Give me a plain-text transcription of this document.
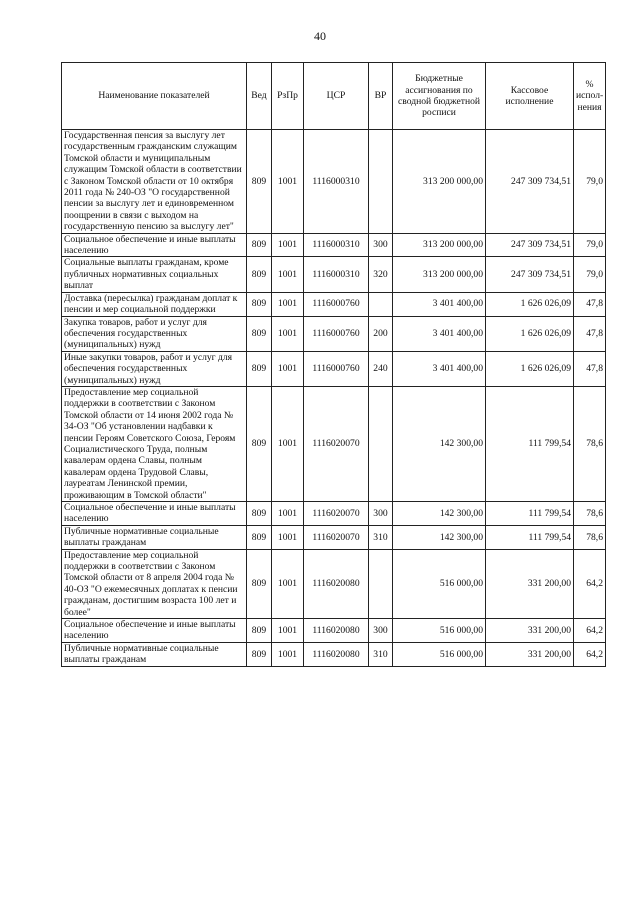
40
Наименование показателей	Вед	РзПр	ЦСР	ВР	Бюджетные ассигнования по сводной бюджетной росписи	Кассовое исполнение	% испол-нения
Государственная пенсия за выслугу лет государственным гражданским служащим Томской области и муниципальным служащим Томской области в соответствии с Законом Томской области от 10 октября 2011 года № 240-ОЗ "О государственной пенсии за выслугу лет и единовременном поощрении в связи с выходом на государственную пенсию за выслугу лет"	809	1001	1116000310		313 200 000,00	247 309 734,51	79,0
Социальное обеспечение и иные выплаты населению	809	1001	1116000310	300	313 200 000,00	247 309 734,51	79,0
Социальные выплаты гражданам, кроме публичных нормативных социальных выплат	809	1001	1116000310	320	313 200 000,00	247 309 734,51	79,0
Доставка (пересылка) гражданам доплат к пенсии и мер социальной поддержки	809	1001	1116000760		3 401 400,00	1 626 026,09	47,8
Закупка товаров, работ и услуг для обеспечения государственных (муниципальных) нужд	809	1001	1116000760	200	3 401 400,00	1 626 026,09	47,8
Иные закупки товаров, работ и услуг для обеспечения государственных (муниципальных) нужд	809	1001	1116000760	240	3 401 400,00	1 626 026,09	47,8
Предоставление мер социальной поддержки в соответствии с Законом Томской области от 14 июня 2002 года № 34-ОЗ "Об установлении надбавки к пенсии Героям Советского Союза, Героям Социалистического Труда, полным кавалерам ордена Славы, полным кавалерам ордена Трудовой Славы, лауреатам Ленинской премии, проживающим в Томской области"	809	1001	1116020070		142 300,00	111 799,54	78,6
Социальное обеспечение и иные выплаты населению	809	1001	1116020070	300	142 300,00	111 799,54	78,6
Публичные нормативные социальные выплаты гражданам	809	1001	1116020070	310	142 300,00	111 799,54	78,6
Предоставление мер социальной поддержки в соответствии с Законом Томской области от 8 апреля 2004 года № 40-ОЗ "О ежемесячных доплатах к пенсии гражданам, достигшим возраста 100 лет и более"	809	1001	1116020080		516 000,00	331 200,00	64,2
Социальное обеспечение и иные выплаты населению	809	1001	1116020080	300	516 000,00	331 200,00	64,2
Публичные нормативные социальные выплаты гражданам	809	1001	1116020080	310	516 000,00	331 200,00	64,2
